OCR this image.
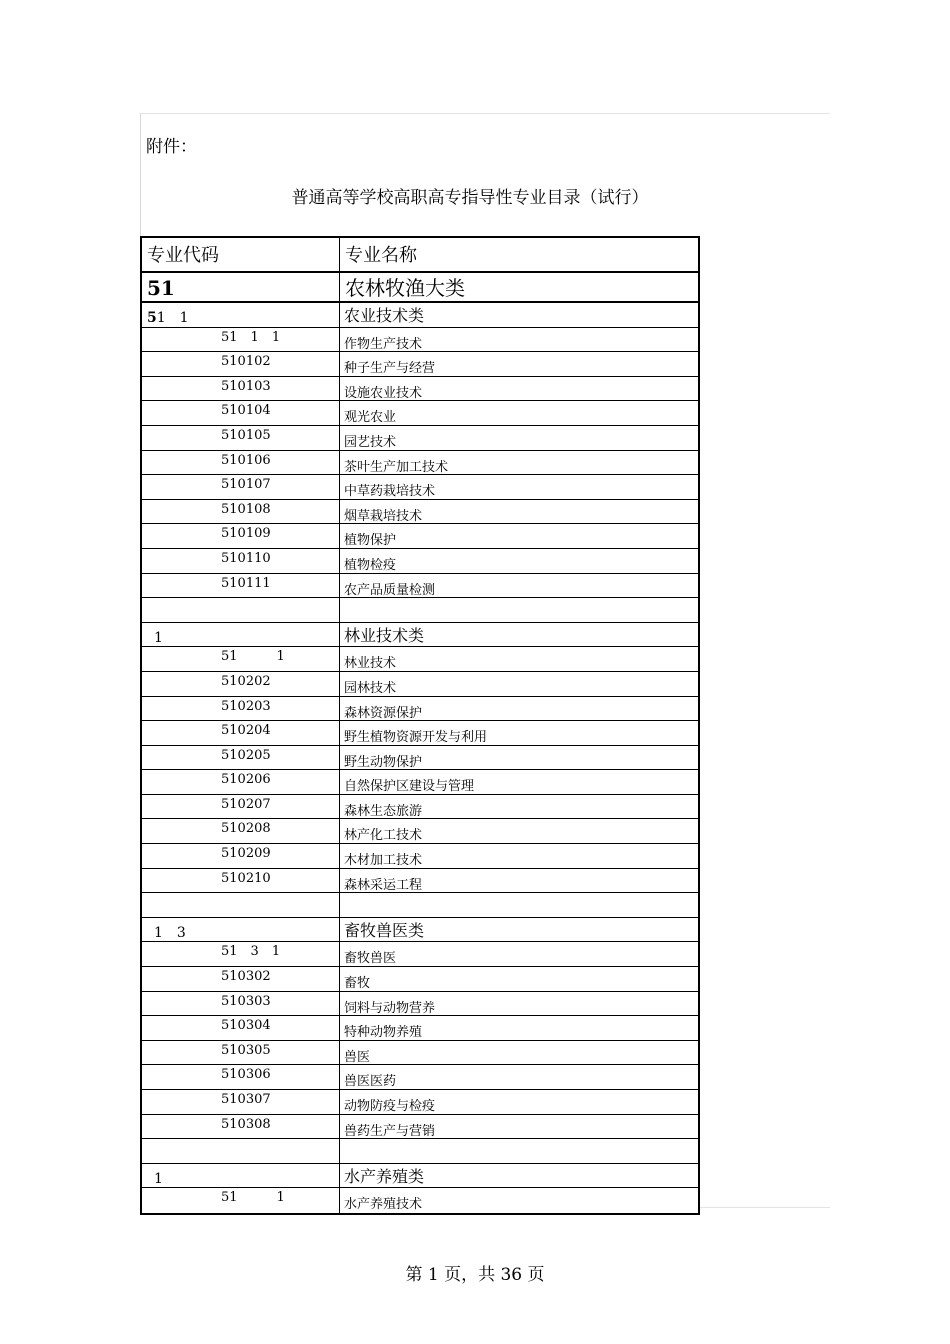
附件：
普通高等学校高职高专指导性专业目录（试行）
专业代码	专业名称
51	农林牧渔大类
51　1	农业技术类
51　1　1	作物生产技术
510102	种子生产与经营
510103	设施农业技术
510104	观光农业
510105	园艺技术
510106	茶叶生产加工技术
510107	中草药栽培技术
510108	烟草栽培技术
510109	植物保护
510110	植物检疫
510111	农产品质量检测
1	林业技术类
51　　　1	林业技术
510202	园林技术
510203	森林资源保护
510204	野生植物资源开发与利用
510205	野生动物保护
510206	自然保护区建设与管理
510207	森林生态旅游
510208	林产化工技术
510209	木材加工技术
510210	森林采运工程
1　3	畜牧兽医类
51　3　1	畜牧兽医
510302	畜牧
510303	饲料与动物营养
510304	特种动物养殖
510305	兽医
510306	兽医医药
510307	动物防疫与检疫
510308	兽药生产与营销
1	水产养殖类
51　　　1	水产养殖技术
第 1 页，共 36 页
